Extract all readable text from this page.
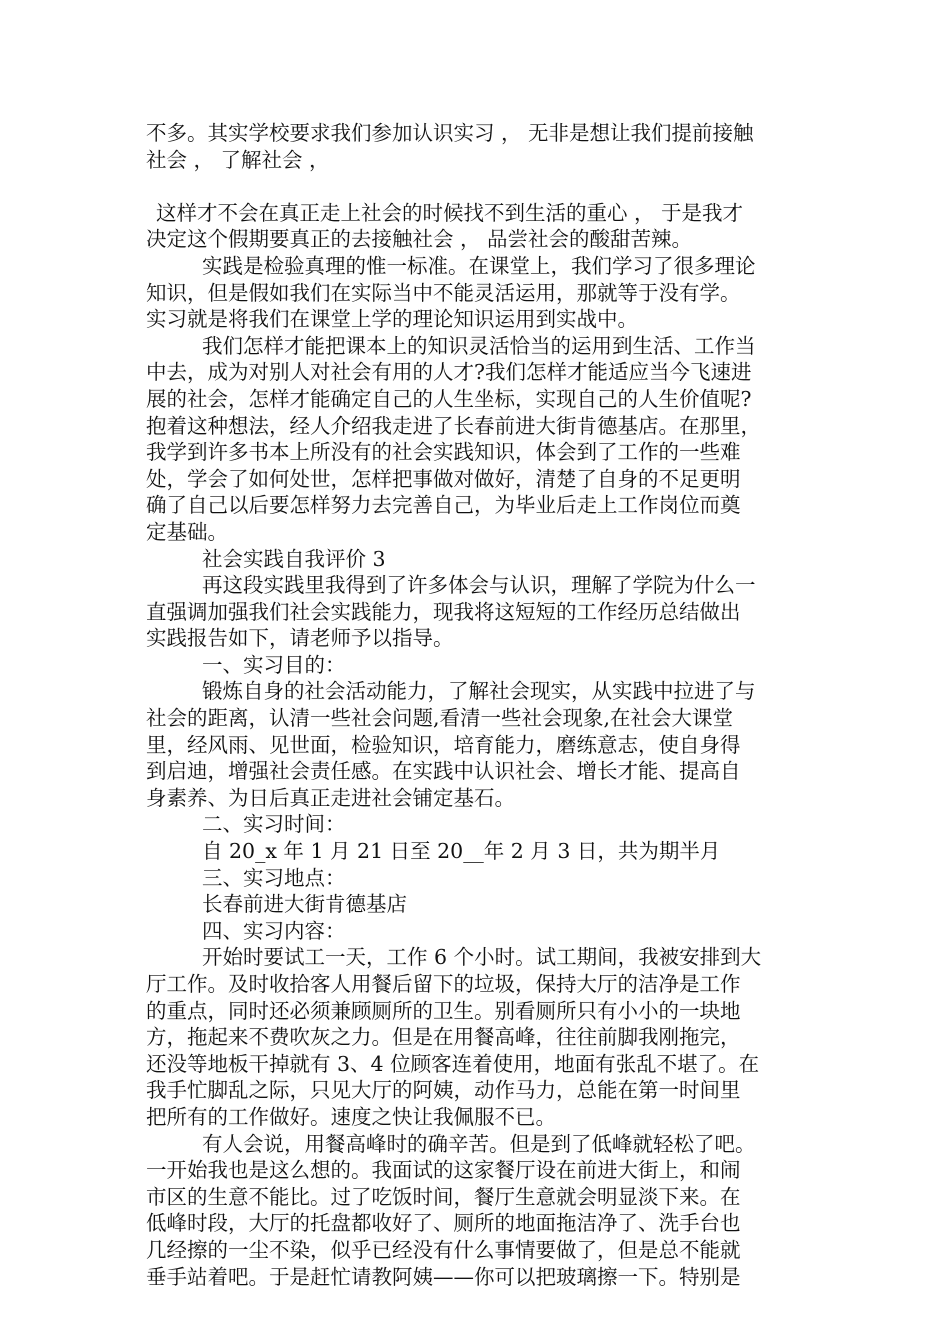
不多。其实学校要求我们参加认识实习 ， 无非是想让我们提前接触
社会 ， 了解社会 ，
这样才不会在真正走上社会的时候找不到生活的重心 ， 于是我才
决定这个假期要真正的去接触社会 ， 品尝社会的酸甜苦辣。
实践是检验真理的惟一标准。在课堂上，我们学习了很多理论
知识，但是假如我们在实际当中不能灵活运用，那就等于没有学。
实习就是将我们在课堂上学的理论知识运用到实战中。
我们怎样才能把课本上的知识灵活恰当的运用到生活、工作当
中去，成为对别人对社会有用的人才?我们怎样才能适应当今飞速进
展的社会，怎样才能确定自己的人生坐标，实现自己的人生价值呢?
抱着这种想法，经人介绍我走进了长春前进大街肯德基店。在那里，
我学到许多书本上所没有的社会实践知识，体会到了工作的一些难
处，学会了如何处世，怎样把事做对做好，清楚了自身的不足更明
确了自己以后要怎样努力去完善自己，为毕业后走上工作岗位而奠
定基础。
社会实践自我评价 3
再这段实践里我得到了许多体会与认识，理解了学院为什么一
直强调加强我们社会实践能力，现我将这短短的工作经历总结做出
实践报告如下，请老师予以指导。
一、实习目的：
锻炼自身的社会活动能力，了解社会现实，从实践中拉进了与
社会的距离，认清一些社会问题,看清一些社会现象,在社会大课堂
里，经风雨、见世面，检验知识，培育能力，磨练意志，使自身得
到启迪，增强社会责任感。在实践中认识社会、增长才能、提高自
身素养、为日后真正走进社会铺定基石。
二、实习时间：
自 20_x 年 1 月 21 日至 20__年 2 月 3 日，共为期半月
三、实习地点：
长春前进大街肯德基店
四、实习内容：
开始时要试工一天，工作 6 个小时。试工期间，我被安排到大
厅工作。及时收拾客人用餐后留下的垃圾，保持大厅的洁净是工作
的重点，同时还必须兼顾厕所的卫生。别看厕所只有小小的一块地
方，拖起来不费吹灰之力。但是在用餐高峰，往往前脚我刚拖完，
还没等地板干掉就有 3、4 位顾客连着使用，地面有张乱不堪了。在
我手忙脚乱之际，只见大厅的阿姨，动作马力，总能在第一时间里
把所有的工作做好。速度之快让我佩服不已。
有人会说，用餐高峰时的确辛苦。但是到了低峰就轻松了吧。
一开始我也是这么想的。我面试的这家餐厅设在前进大街上，和闹
市区的生意不能比。过了吃饭时间，餐厅生意就会明显淡下来。在
低峰时段，大厅的托盘都收好了、厕所的地面拖洁净了、洗手台也
几经擦的一尘不染，似乎已经没有什么事情要做了，但是总不能就
垂手站着吧。于是赶忙请教阿姨——你可以把玻璃擦一下。特别是
